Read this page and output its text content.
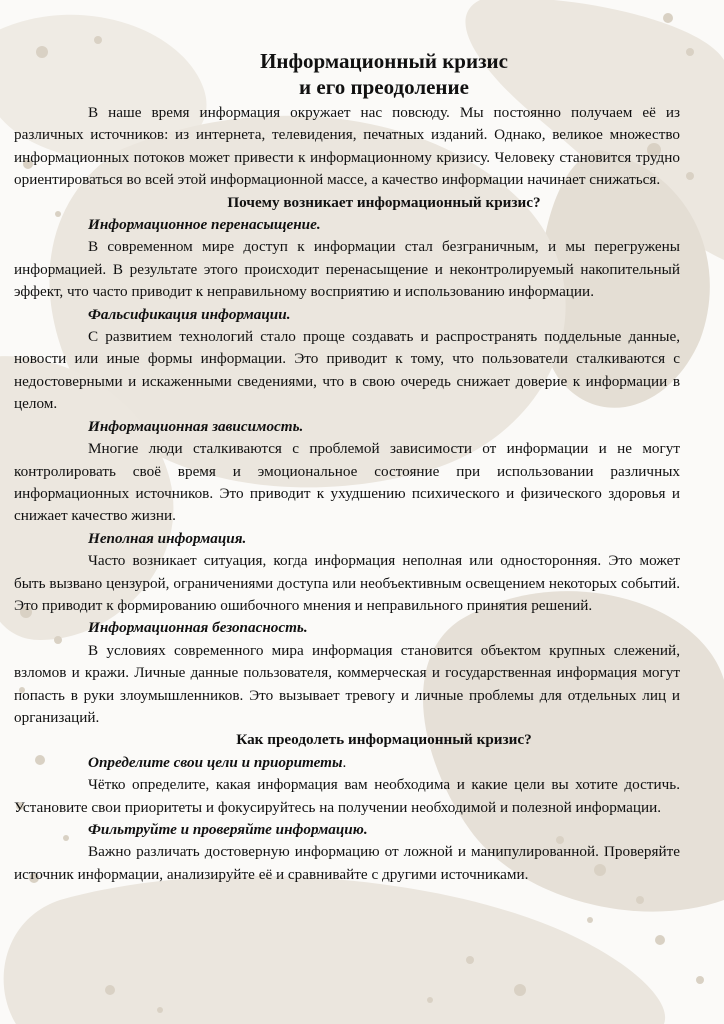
Информационный кризис
и его преодоление

В наше время информация окружает нас повсюду. Мы постоянно получаем её из различных источников: из интернета, телевидения, печатных изданий. Однако, великое множество информационных потоков может привести к информационному кризису. Человеку становится трудно ориентироваться во всей этой информационной массе, а качество информации начинает снижаться.

Почему возникает информационный кризис?
Информационное перенасыщение.

В современном мире доступ к информации стал безграничным, и мы перегружены информацией. В результате этого происходит перенасыщение и неконтролируемый накопительный эффект, что часто приводит к неправильному восприятию и использованию информации.

Фальсификация информации.

С развитием технологий стало проще создавать и распространять поддельные данные, новости или иные формы информации. Это приводит к тому, что пользователи сталкиваются с недостоверными и искаженными сведениями, что в свою очередь снижает доверие к информации в целом.

Информационная зависимость.

Многие люди сталкиваются с проблемой зависимости от информации и не могут контролировать своё время и эмоциональное состояние при использовании различных информационных источников. Это приводит к ухудшению психического и физического здоровья и снижает качество жизни.

Неполная информация.

Часто возникает ситуация, когда информация неполная или односторонняя. Это может быть вызвано цензурой, ограничениями доступа или необъективным освещением некоторых событий. Это приводит к формированию ошибочного мнения и неправильного принятия решений.

Информационная безопасность.

В условиях современного мира информация становится объектом крупных слежений, взломов и кражи. Личные данные пользователя, коммерческая и государственная информация могут попасть в руки злоумышленников. Это вызывает тревогу и личные проблемы для отдельных лиц и организаций.

Как преодолеть информационный кризис?
Определите свои цели и приоритеты.

Чётко определите, какая информация вам необходима и какие цели вы хотите достичь. Установите свои приоритеты и фокусируйтесь на получении необходимой и полезной информации.

Фильтруйте и проверяйте информацию.

Важно различать достоверную информацию от ложной и манипулированной. Проверяйте источник информации, анализируйте её и сравнивайте с другими источниками.
